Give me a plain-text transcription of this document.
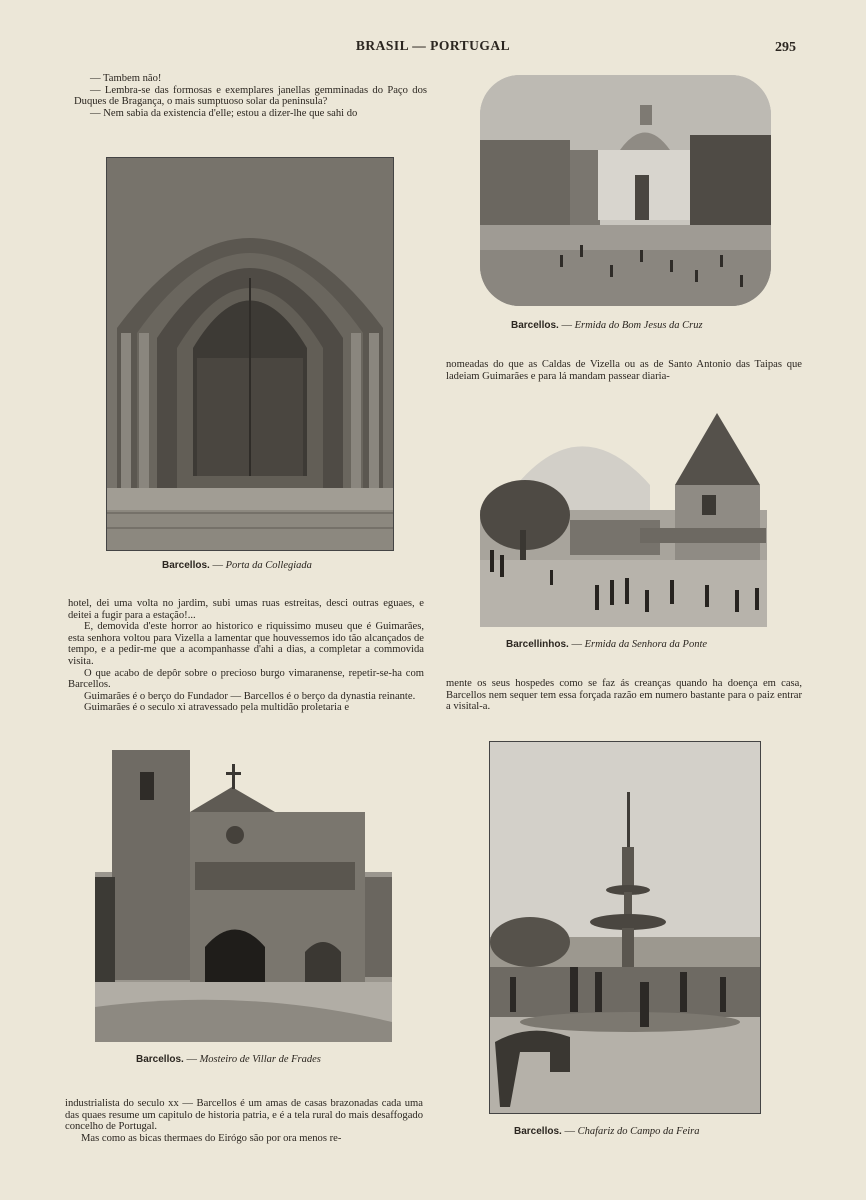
BRASIL — PORTUGAL	295

— Tambem não!

— Lembra-se das formosas e exemplares janellas gemminadas do Paço dos Duques de Bragança, o mais sumptuoso solar da peninsula?

— Nem sabia da existencia d'elle; estou a dizer-lhe que sahi do

Barcellos. — Porta da Collegiada
Barcellos. — Ermida do Bom Jesus da Cruz

nomeadas do que as Caldas de Vizella ou as de Santo Antonio das Taipas que ladeiam Guimarães e para lá mandam passear diaria-

Barcellinhos. — Ermida da Senhora da Ponte

hotel, dei uma volta no jardim, subi umas ruas estreitas, desci outras eguaes, e deitei a fugir para a estação!...

E, demovida d'este horror ao historico e riquissimo museu que é Guimarães, esta senhora voltou para Vizella a lamentar que houvessemos ido tão alcançados de tempo, e a pedir-me que a acompanhasse d'ahi a dias, a completar a commovida visita.

O que acabo de depôr sobre o precioso burgo vimaranense, repetir-se-ha com Barcellos.

Guimarães é o berço do Fundador — Barcellos é o berço da dynastia reinante.

Guimarães é o seculo xi atravessado pela multidão proletaria e

mente os seus hospedes como se faz ás creanças quando ha doença em casa, Barcellos nem sequer tem essa forçada razão em numero bastante para o paiz entrar a visital-a.

Barcellos. — Mosteiro de Villar de Frades
Barcellos. — Chafariz do Campo da Feira

industrialista do seculo xx — Barcellos é um amas de casas brazonadas cada uma das quaes resume um capitulo de historia patria, e é a tela rural do mais desaffogado concelho de Portugal.

Mas como as bicas thermaes do Eirógo são por ora menos re-
